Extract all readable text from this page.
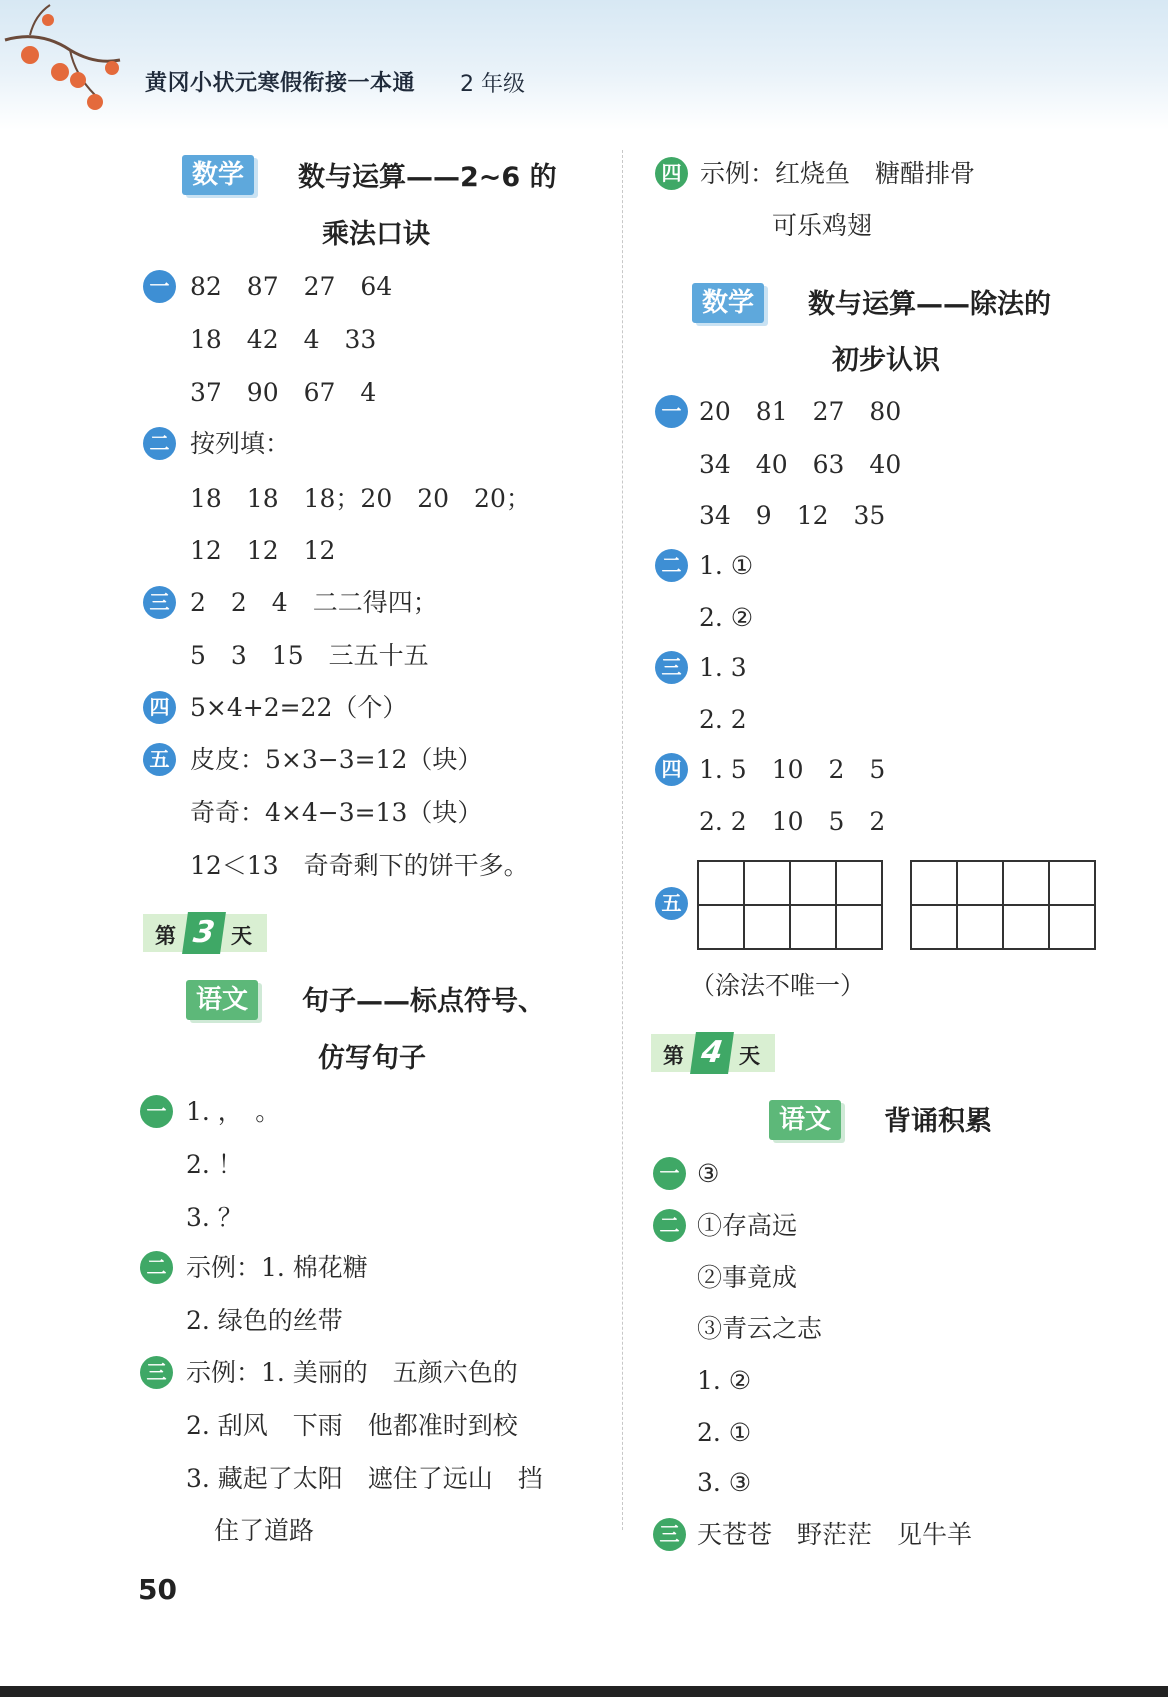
黄冈小状元寒假衔接一本通 2 年级
数学	数与运算——2~6 的
乘法口诀
一 82　87　27　64
18　42　4　33
37　90　67　4
二 按列填：
18　18　18；20　20　20；
12　12　12
三 2　2　4　二二得四；
5　3　15　三五十五
四 5×4+2=22（个）
五 皮皮：5×3−3=12（块）
奇奇：4×4−3=13（块）
12＜13　奇奇剩下的饼干多。
第 3 天
语文	句子——标点符号、
仿写句子
一 1. ，　。
2. ！
3. ？
二 示例：1. 棉花糖
2. 绿色的丝带
三 示例：1. 美丽的　五颜六色的
2. 刮风　下雨　他都准时到校
3. 藏起了太阳　遮住了远山　挡
住了道路
50
四 示例：红烧鱼　糖醋排骨
可乐鸡翅
数学	数与运算——除法的
初步认识
一 20　81　27　80
34　40　63　40
34　9　12　35
二 1. ①
2. ②
三 1. 3
2. 2
四 1. 5　10　2　5
2. 2　10　5　2
五
（涂法不唯一）
第 4 天
语文	背诵积累
一 ③
二 ①存高远
②事竟成
③青云之志
1. ②
2. ①
3. ③
三 天苍苍　野茫茫　见牛羊
